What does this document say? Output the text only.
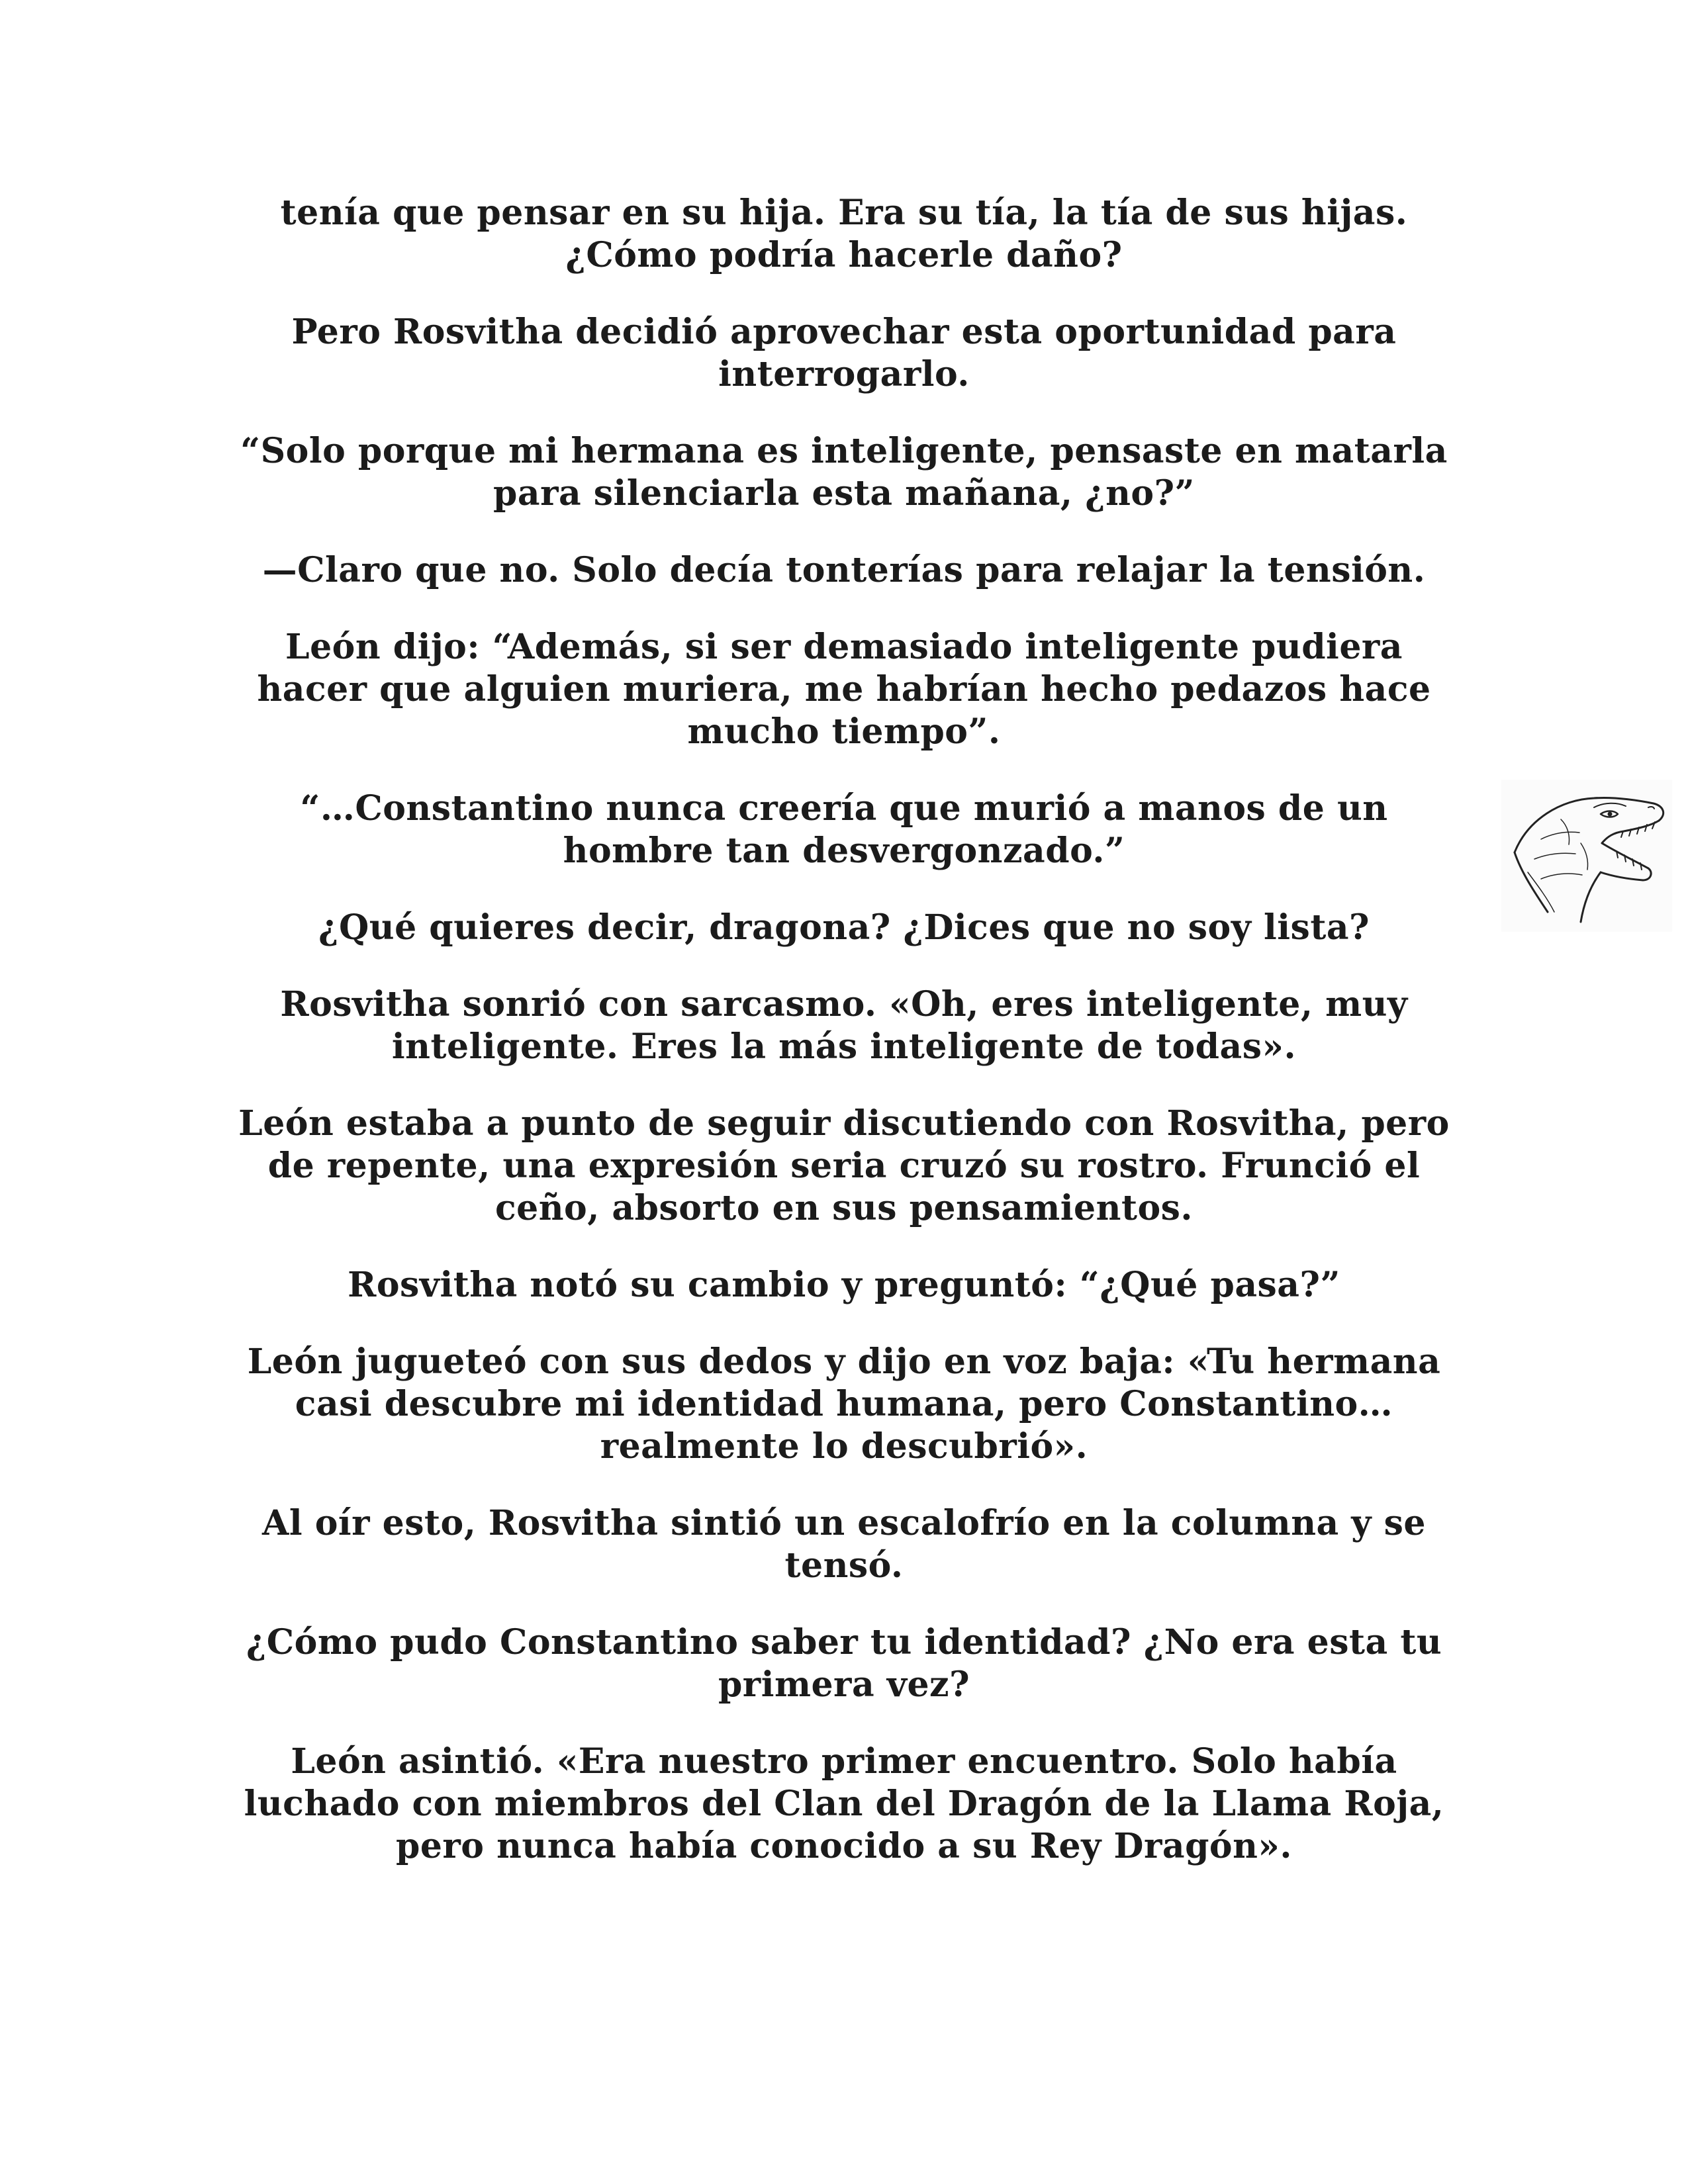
tenía que pensar en su hija. Era su tía, la tía de sus hijas.
¿Cómo podría hacerle daño?

Pero Rosvitha decidió aprovechar esta oportunidad para
interrogarlo.

“Solo porque mi hermana es inteligente, pensaste en matarla
para silenciarla esta mañana, ¿no?”

—Claro que no. Solo decía tonterías para relajar la tensión.

León dijo: “Además, si ser demasiado inteligente pudiera
hacer que alguien muriera, me habrían hecho pedazos hace
mucho tiempo”.

“…Constantino nunca creería que murió a manos de un
hombre tan desvergonzado.”

¿Qué quieres decir, dragona? ¿Dices que no soy lista?

Rosvitha sonrió con sarcasmo. «Oh, eres inteligente, muy
inteligente. Eres la más inteligente de todas».

León estaba a punto de seguir discutiendo con Rosvitha, pero
de repente, una expresión seria cruzó su rostro. Frunció el
ceño, absorto en sus pensamientos.

Rosvitha notó su cambio y preguntó: “¿Qué pasa?”

León jugueteó con sus dedos y dijo en voz baja: «Tu hermana
casi descubre mi identidad humana, pero Constantino…
realmente lo descubrió».

Al oír esto, Rosvitha sintió un escalofrío en la columna y se
tensó.

¿Cómo pudo Constantino saber tu identidad? ¿No era esta tu
primera vez?

León asintió. «Era nuestro primer encuentro. Solo había
luchado con miembros del Clan del Dragón de la Llama Roja,
pero nunca había conocido a su Rey Dragón».
